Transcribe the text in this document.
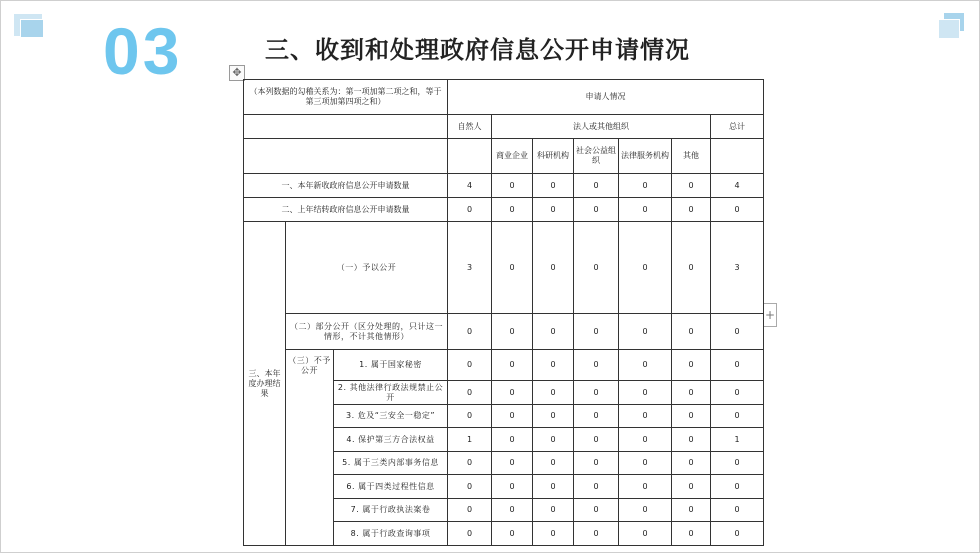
03	三、收到和处理政府信息公开申请情况
✥
+
（本列数据的勾稽关系为：第一项加第二项之和，等于第三项加第四项之和）			申请人情况						
			自然人	法人或其他组织					总计
				商业企业	科研机构	社会公益组织	法律服务机构	其他	
一、本年新收政府信息公开申请数量			4	0	0	0	0	0	4
二、上年结转政府信息公开申请数量			0	0	0	0	0	0	0
三、本年度办理结果	（一）予以公开		3	0	0	0	0	0	3
	（二）部分公开（区分处理的，只计这一情形，不计其他情形）		0	0	0	0	0	0	0
	（三）不予公开	1. 属于国家秘密	0	0	0	0	0	0	0
		2. 其他法律行政法规禁止公开	0	0	0	0	0	0	0
		3. 危及“三安全一稳定”	0	0	0	0	0	0	0
		4. 保护第三方合法权益	1	0	0	0	0	0	1
		5. 属于三类内部事务信息	0	0	0	0	0	0	0
		6. 属于四类过程性信息	0	0	0	0	0	0	0
		7. 属于行政执法案卷	0	0	0	0	0	0	0
		8. 属于行政查询事项	0	0	0	0	0	0	0
